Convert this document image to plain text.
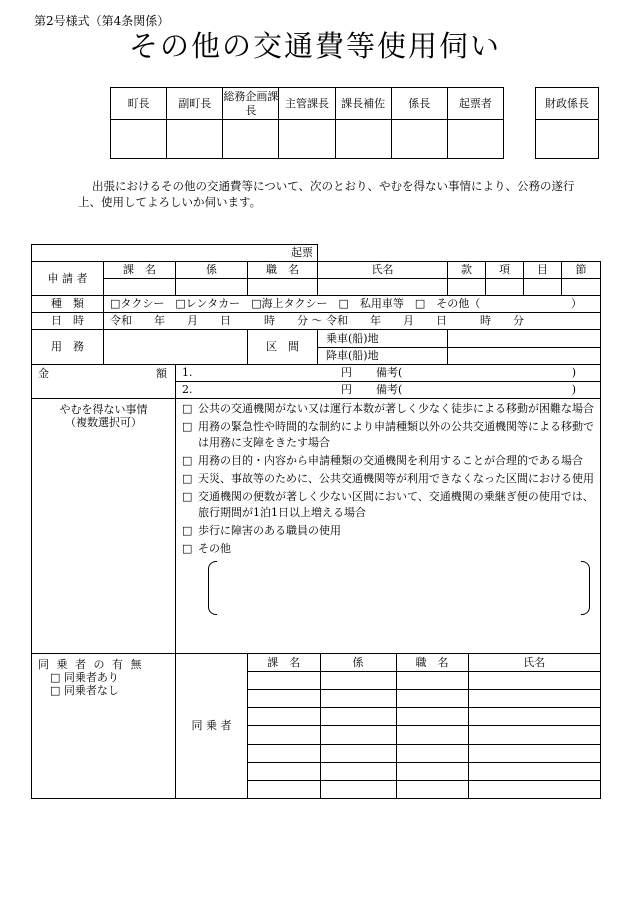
第2号様式（第4条関係）
その他の交通費等使用伺い
町長	副町長	総務企画課長	主管課長	課長補佐	係長	起票者
							財政係長

出張におけるその他の交通費等について、次のとおり、やむを得ない事情により、公務の遂行
上、使用してよろしいか伺います。
起票	
申 請 者	課　名	係	職　名	氏名	款	項	目	節

種　類	□タクシー　□レンタカー　□海上タクシー　□　私用車等　□　その他（	）

日　時	令和　　年　　月　　日　　　時　　分 ～ 令和　　年　　月　　日　　　時　　分
用　務		区　間	乗車(船)地	
降車(船)地	
金	額	1.	円 備考(	)

2.	円 備考(	)

やむを得ない事情
（複数選択可）

□ 公共の交通機関がない又は運行本数が著しく少なく徒歩による移動が困難な場合
□ 用務の緊急性や時間的な制約により申請種類以外の公共交通機関等による移動では用務に支障をきたす場合
□ 用務の目的・内容から申請種類の交通機関を利用することが合理的である場合
□ 天災、事故等のために、公共交通機関等が利用できなくなった区間における使用
□ 交通機関の便数が著しく少ない区間において、交通機関の乗継ぎ便の使用では、旅行期間が1泊1日以上増える場合
□ 歩行に障害のある職員の使用
□ その他

同 乗 者 の 有 無
□ 同乗者あり
□ 同乗者なし
	同 乗 者	
課　名	係	職　名	氏名
